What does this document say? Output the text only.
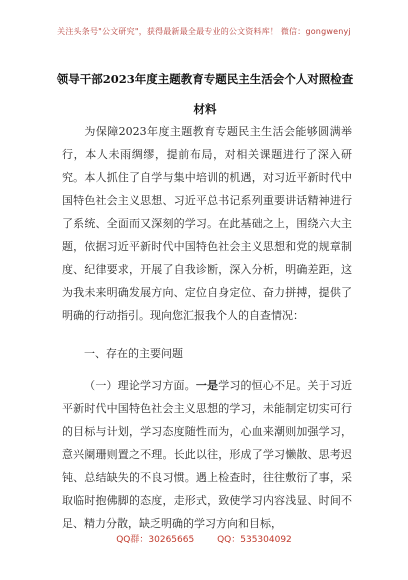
关注头条号"公文研究"，获得最新最全最专业的公文资料库！ 微信：gongwenyj
领导干部2023年度主题教育专题民主生活会个人对照检查
材料
为保障2023年度主题教育专题民主生活会能够圆满举行，本人未雨绸缪，提前布局，对相关课题进行了深入研究。本人抓住了自学与集中培训的机遇，对习近平新时代中国特色社会主义思想、习近平总书记系列重要讲话精神进行了系统、全面而又深刻的学习。在此基础之上，围绕六大主题，依据习近平新时代中国特色社会主义思想和党的规章制度、纪律要求，开展了自我诊断，深入分析，明确差距，这为我未来明确发展方向、定位自身定位、奋力拼搏，提供了明确的行动指引。现向您汇报我个人的自查情况：
一、存在的主要问题
（一）理论学习方面。一是学习的恒心不足。关于习近平新时代中国特色社会主义思想的学习，未能制定切实可行的目标与计划，学习态度随性而为，心血来潮则加强学习，意兴阑珊则置之不理。长此以往，形成了学习懒散、思考迟钝、总结缺失的不良习惯。遇上检查时，往往敷衍了事，采取临时抱佛脚的态度，走形式，致使学习内容浅显、时间不足、精力分散，缺乏明确的学习方向和目标，
QQ群：30265665	QQ：535304092
